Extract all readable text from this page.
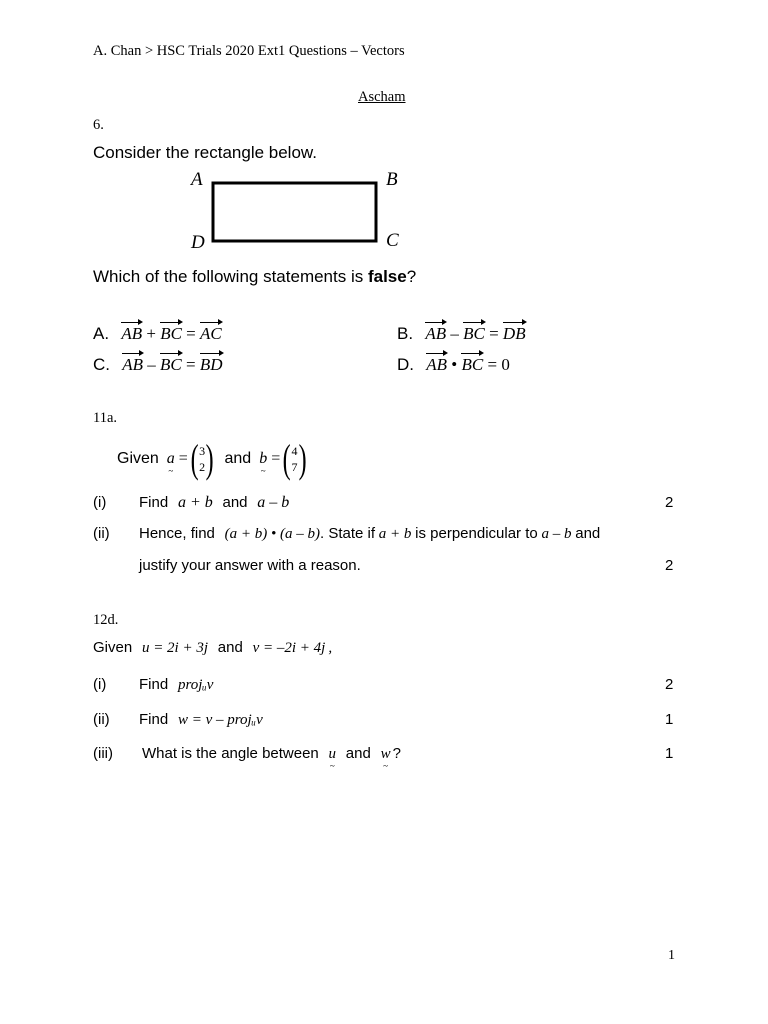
A. Chan > HSC Trials 2020 Ext1 Questions – Vectors
Ascham
6.
Consider the rectangle below.
A	B
D	C
Which of the following statements is false?
A. AB + BC = AC	B. AB – BC = DB
C. AB – BC = BD	D. AB • BC = 0
11a.
Given a ~ = ( 3
2 ) and b ~ = ( 4
7 )
(i) Find a + b and a – b	2
(ii) Hence, find (a + b) • (a – b). State if a + b is perpendicular to a – b and
justify your answer with a reason.	2
12d.
Given u = 2i + 3j and v = –2i + 4j ,
(i) Find projᵤv	2
(ii) Find w = v – projᵤv	1
(iii) What is the angle between u ~ and w ~ ?	1
1
